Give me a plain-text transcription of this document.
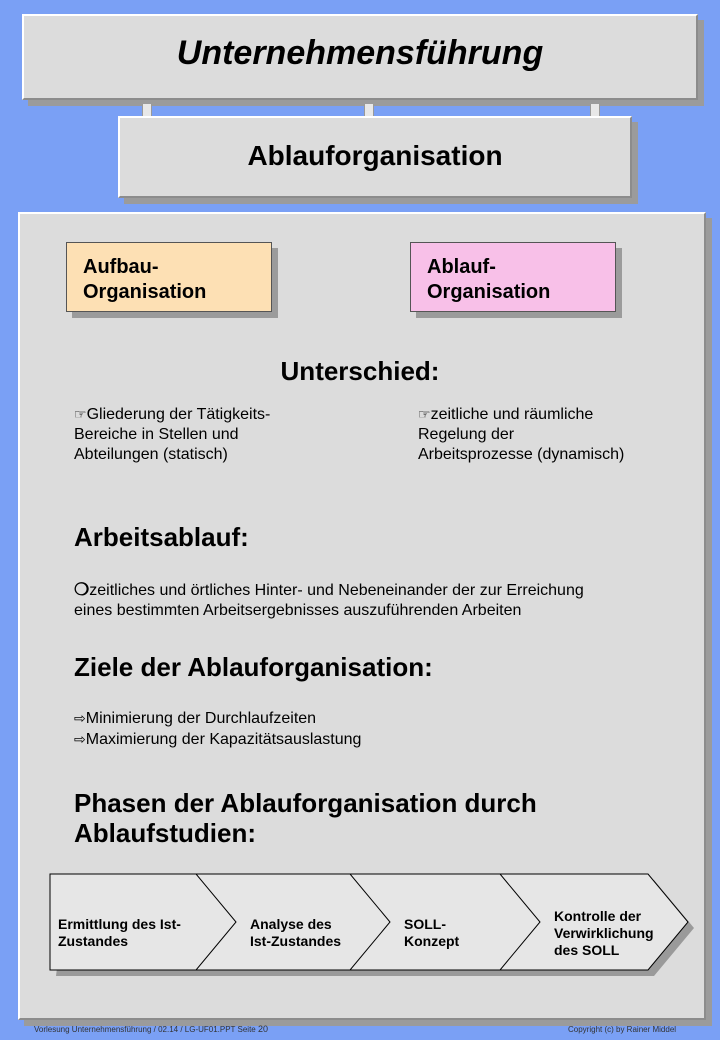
Unternehmensführung
Ablauforganisation
Aufbau-
Organisation
Ablauf-
Organisation
Unterschied:
☞Gliederung der Tätigkeits-
Bereiche in Stellen und
Abteilungen (statisch)
☞zeitliche und räumliche
Regelung der
Arbeitsprozesse (dynamisch)
Arbeitsablauf:
❍zeitliches und örtliches Hinter- und Nebeneinander der zur Erreichung
eines bestimmten Arbeitsergebnisses auszuführenden Arbeiten
Ziele der Ablauforganisation:
⇨Minimierung der Durchlaufzeiten
⇨Maximierung der Kapazitätsauslastung
Phasen der Ablauforganisation durch
Ablaufstudien:
Ermittlung des Ist-
Zustandes
Analyse des
Ist-Zustandes
SOLL-
Konzept
Kontrolle der
Verwirklichung
des SOLL
Vorlesung Unternehmensführung / 02.14 / LG-UF01.PPT Seite 20	Copyright (c) by Rainer Middel
